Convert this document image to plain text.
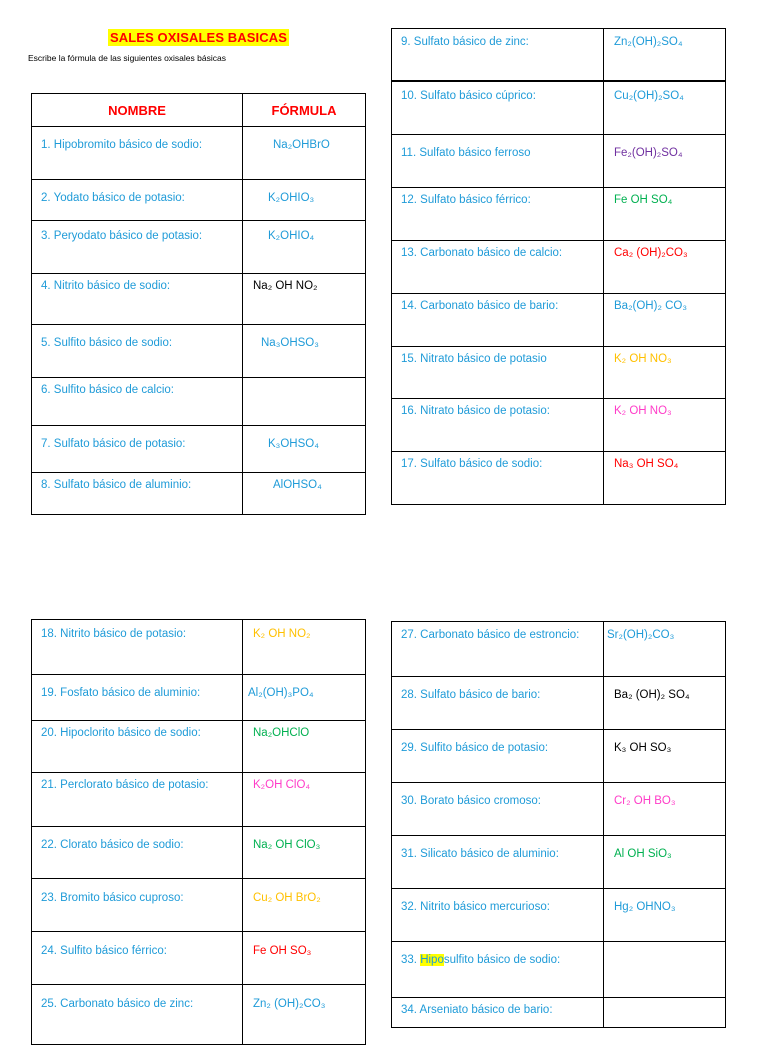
SALES OXISALES BASICAS
Escribe la fórmula de las siguientes oxisales básicas
NOMBRE	FÓRMULA

1. Hipobromito básico de sodio:	Na₂OHBrO

2. Yodato básico de potasio:	K₂OHIO₃

3. Peryodato básico de potasio:	K₂OHIO₄

4. Nitrito básico de sodio:	Na₂ OH NO₂

5. Sulfito básico de sodio:	Na₃OHSO₃

6. Sulfito básico de calcio:	

7. Sulfato básico de potasio:	K₃OHSO₄

8. Sulfato básico de aluminio:	AlOHSO₄
9. Sulfato básico de zinc:	Zn₂(OH)₂SO₄

10. Sulfato básico cúprico:	Cu₂(OH)₂SO₄

11. Sulfato básico ferroso	Fe₂(OH)₂SO₄

12. Sulfato básico férrico:	Fe OH SO₄

13. Carbonato básico de calcio:	Ca₂ (OH)₂CO₃

14. Carbonato básico de bario:	Ba₂(OH)₂ CO₃

15. Nitrato básico de potasio	K₂ OH NO₃

16. Nitrato básico de potasio:	K₂ OH NO₃

17. Sulfato básico de sodio:	Na₃ OH SO₄
18. Nitrito básico de potasio:	K₂ OH NO₂

19. Fosfato básico de aluminio:	Al₂(OH)₃PO₄

20. Hipoclorito básico de sodio:	Na₂OHClO

21. Perclorato básico de potasio:	K₂OH ClO₄

22. Clorato básico de sodio:	Na₂ OH ClO₃

23. Bromito básico cuproso:	Cu₂ OH BrO₂

24. Sulfito básico férrico:	Fe OH SO₃

25. Carbonato básico de zinc:	Zn₂ (OH)₂CO₃
27. Carbonato básico de estroncio:	Sr₂(OH)₂CO₃

28. Sulfato básico de bario:	Ba₂ (OH)₂ SO₄

29. Sulfito básico de potasio:	K₃ OH SO₃

30. Borato básico cromoso:	Cr₂ OH BO₃

31. Silicato básico de aluminio:	Al OH SiO₃

32. Nitrito básico mercurioso:	Hg₂ OHNO₃

33. Hiposulfito básico de sodio:	

34. Arseniato básico de bario:	
